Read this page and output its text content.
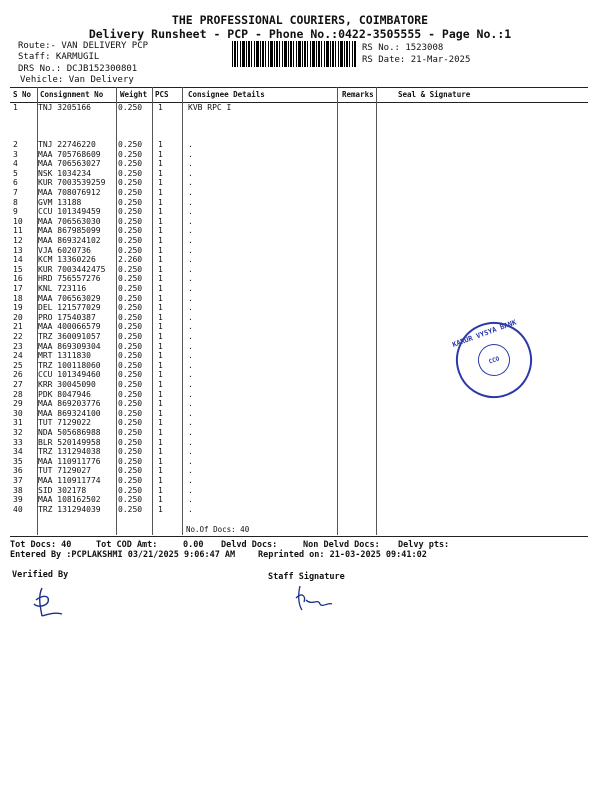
THE PROFESSIONAL COURIERS, COIMBATORE
Delivery Runsheet - PCP - Phone No.:0422-3505555 - Page No.:1
Route:- VAN DELIVERY PCP
Staff: KARMUGIL
DRS No.: DCJB152300801
Vehicle: Van Delivery
RS No.: 1523008
RS Date: 21-Mar-2025
S No Consignment No Weight PCS	Consignee Details	Remarks	Seal & Signature
1	TNJ 3205166	0.250 1	KVB RPC I
2	TNJ 22746220	0.250 1	.
3	MAA 705768609 0.250 1	.
4	MAA 706563027 0.250 1	.
5	NSK 1034234	0.250 1	.
6	KUR 7003539259 0.250 1	.
7	MAA 708076912 0.250 1	.
8	GVM 13188	0.250 1	.
9	CCU 101349459 0.250 1	.
10 MAA 706563030 0.250 1	.
11 MAA 867985099 0.250 1	.
12 MAA 869324102 0.250 1	.
13 VJA 6020736	0.250 1	.
14 KCM 13360226	2.260 1	.
15 KUR 7003442475 0.250 1	.
16 HRD 756557276 0.250 1	.
17 KNL 723116	0.250 1	.
18 MAA 706563029 0.250 1	.
19 DEL 121577029 0.250 1	.
20 PRO 17540387	0.250 1	.
21 MAA 400066579 0.250 1	.
22 TRZ 360091057 0.250 1	.
23 MAA 869309304 0.250 1	.
24 MRT 1311830	0.250 1	.
25 TRZ 100118060 0.250 1	.
26 CCU 101349460 0.250 1	.
27 KRR 30045090	0.250 1	.
28 PDK 8047946	0.250 1	.
29 MAA 869203776 0.250 1	.
30 MAA 869324100 0.250 1	.
31 TUT 7129022	0.250 1	.
32 NDA 505686988 0.250 1	.
33 BLR 520149958 0.250 1	.
34 TRZ 131294038 0.250 1	.
35 MAA 110911776 0.250 1	.
36 TUT 7129027	0.250 1	.
37 MAA 110911774 0.250 1	.
38 SID 302178	0.250 1	.
39 MAA 108162502 0.250 1	.
40 TRZ 131294039 0.250 1	.
No.Of Docs: 40
Tot Docs: 40	Tot COD Amt:     0.00 Delvd Docs:	Non Delvd Docs: Delvy pts:
Entered By :PCPLAKSHMI 03/21/2025 9:06:47 AM	Reprinted on: 21-03-2025 09:41:02
Verified By	Staff Signature
KARUR VYSYA BANK
CCO
